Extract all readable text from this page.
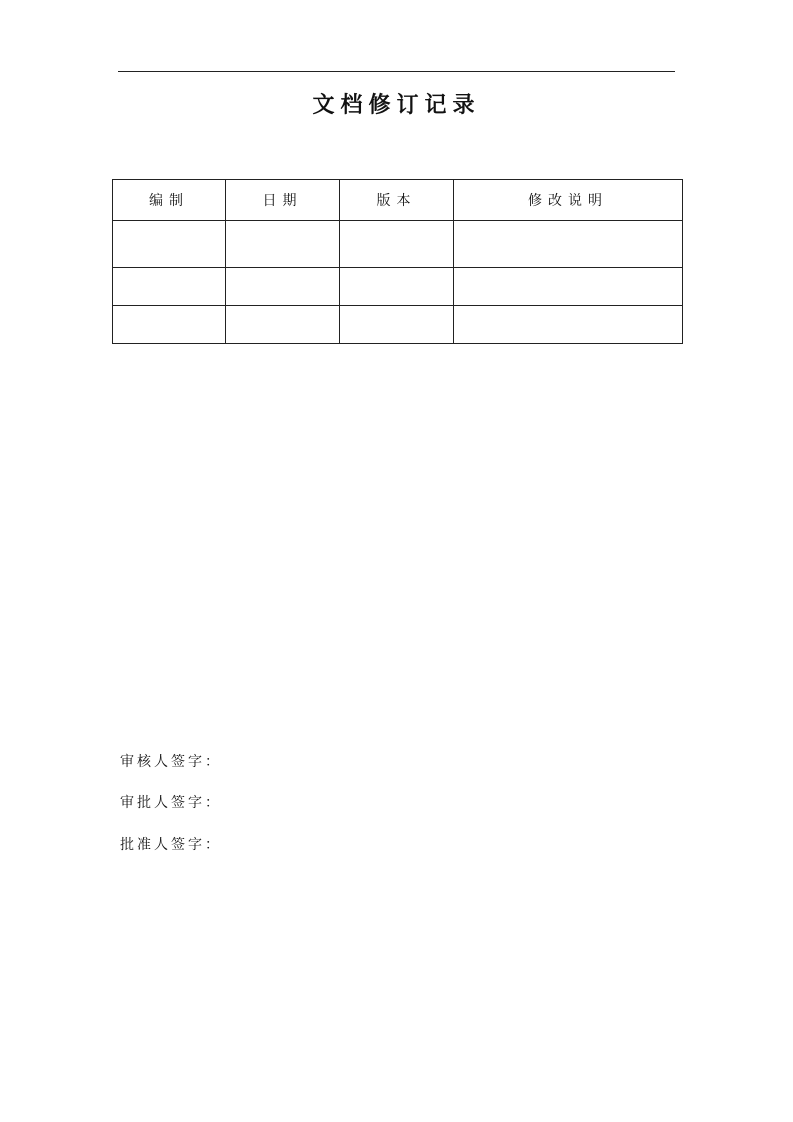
文档修订记录
编制	日期	版本	修改说明

审核人签字：
审批人签字：
批准人签字：
